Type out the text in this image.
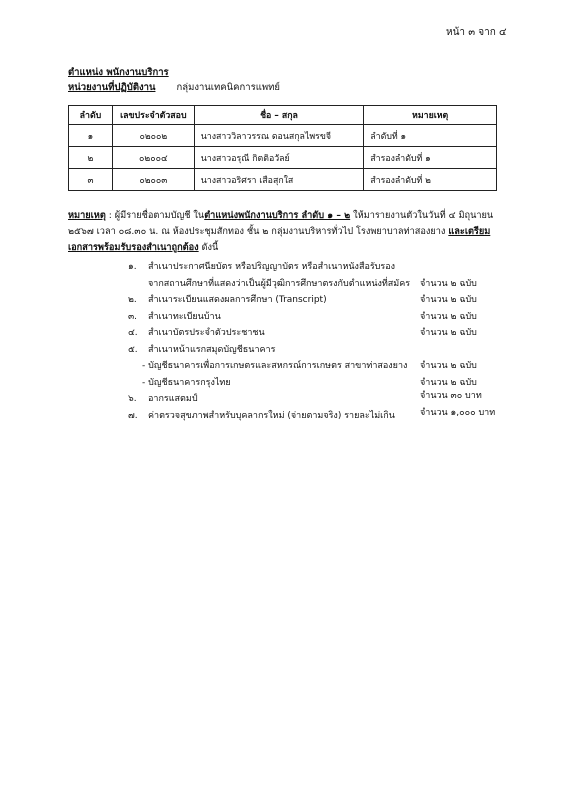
หน้า ๓ จาก ๔
ตำแหน่ง พนักงานบริการ
หน่วยงานที่ปฏิบัติงาน กลุ่มงานเทคนิคการแพทย์
ลำดับ	เลขประจำตัวสอบ	ชื่อ – สกุล	หมายเหตุ
๑	๐๒๐๐๒	นางสาววิลาวรรณ ดอนสกุลไพรขจี	ลำดับที่ ๑
๒	๐๒๐๐๔	นางสาวอรุณี กิตติอวัลย์	สำรองลำดับที่ ๑
๓	๐๒๐๐๓	นางสาวอริศรา เสือสุกใส	สำรองลำดับที่ ๒
หมายเหตุ : ผู้มีรายชื่อตามบัญชี ในตำแหน่งพนักงานบริการ ลำดับ ๑ – ๒ ให้มารายงานตัวในวันที่ ๔ มิถุนายน
๒๕๖๗ เวลา ๐๘.๓๐ น. ณ ห้องประชุมสักทอง ชั้น ๒ กลุ่มงานบริหารทั่วไป โรงพยาบาลท่าสองยาง และเตรียม
เอกสารพร้อมรับรองสำเนาถูกต้อง ดังนี้
๑. สำเนาประกาศนียบัตร หรือปริญญาบัตร หรือสำเนาหนังสือรับรอง
จากสถานศึกษาที่แสดงว่าเป็นผู้มีวุฒิการศึกษาตรงกับตำแหน่งที่สมัคร จำนวน ๒ ฉบับ
๒. สำเนาระเบียนแสดงผลการศึกษา (Transcript)	จำนวน ๒ ฉบับ
๓. สำเนาทะเบียนบ้าน	จำนวน ๒ ฉบับ
๔. สำเนาบัตรประจำตัวประชาชน	จำนวน ๒ ฉบับ
๕. สำเนาหน้าแรกสมุดบัญชีธนาคาร
- บัญชีธนาคารเพื่อการเกษตรและสหกรณ์การเกษตร สาขาท่าสองยาง จำนวน ๒ ฉบับ
- บัญชีธนาคารกรุงไทย	จำนวน ๒ ฉบับ
๖. อากรแสตมป์	จำนวน ๓๐ บาท
๗. ค่าตรวจสุขภาพสำหรับบุคลากรใหม่ (จ่ายตามจริง) รายละไม่เกิน	จำนวน ๑,๐๐๐ บาท
